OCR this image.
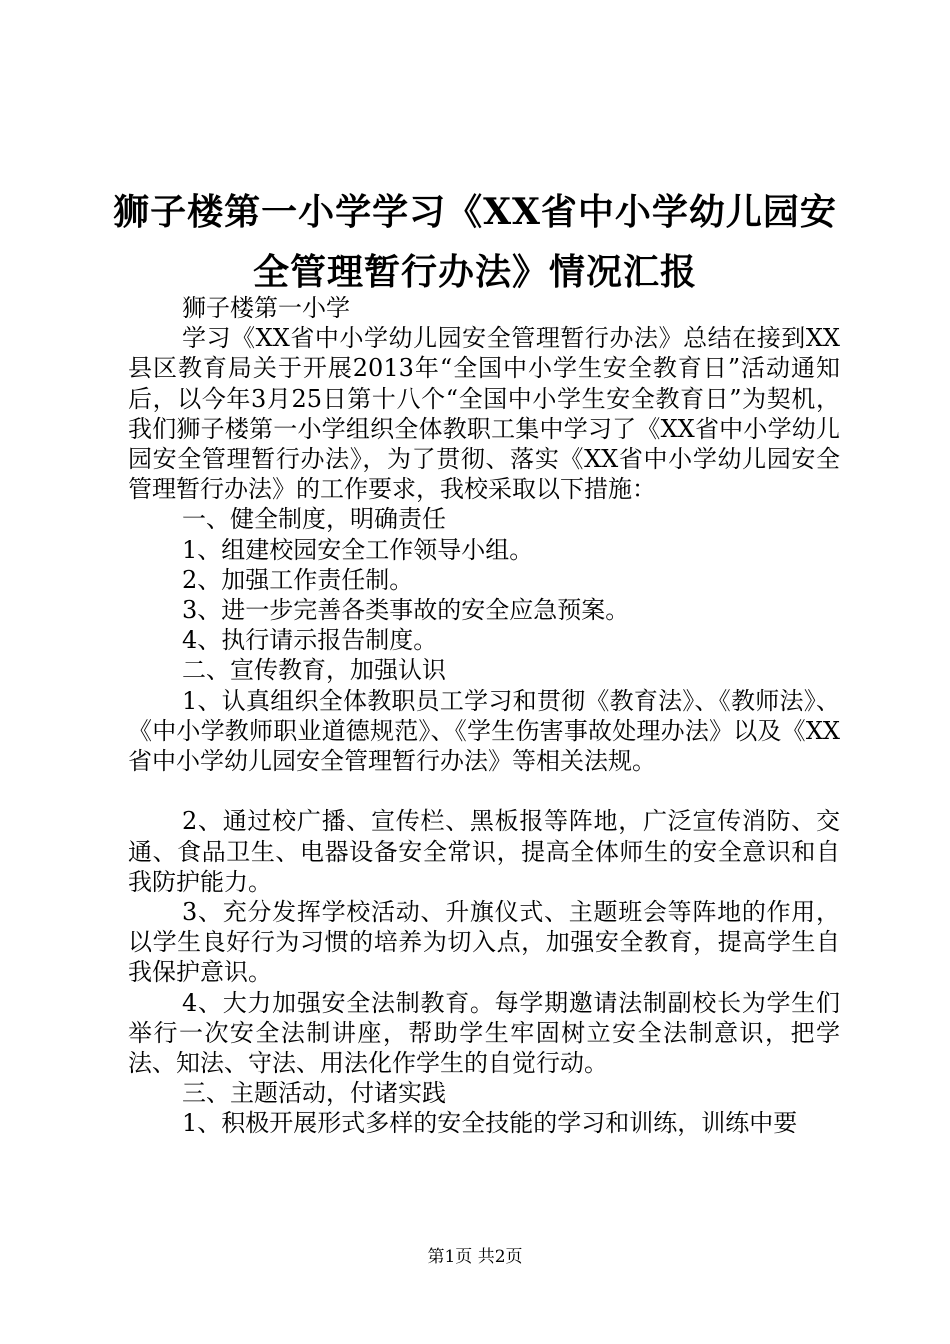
狮子楼第一小学学习《XX省中小学幼儿园安
全管理暂行办法》情况汇报

狮子楼第一小学

学习《XX省中小学幼儿园安全管理暂行办法》总结在接到XX县区教育局关于开展2013年“全国中小学生安全教育日”活动通知后，以今年3月25日第十八个“全国中小学生安全教育日”为契机，我们狮子楼第一小学组织全体教职工集中学习了《XX省中小学幼儿园安全管理暂行办法》，为了贯彻、落实《XX省中小学幼儿园安全管理暂行办法》的工作要求，我校采取以下措施：

一、健全制度，明确责任

1、组建校园安全工作领导小组。

2、加强工作责任制。

3、进一步完善各类事故的安全应急预案。

4、执行请示报告制度。

二、宣传教育，加强认识

1、认真组织全体教职员工学习和贯彻《教育法》、《教师法》、《中小学教师职业道德规范》、《学生伤害事故处理办法》以及《XX省中小学幼儿园安全管理暂行办法》等相关法规。

2、通过校广播、宣传栏、黑板报等阵地，广泛宣传消防、交通、食品卫生、电器设备安全常识，提高全体师生的安全意识和自我防护能力。

3、充分发挥学校活动、升旗仪式、主题班会等阵地的作用，以学生良好行为习惯的培养为切入点，加强安全教育，提高学生自我保护意识。

4、大力加强安全法制教育。每学期邀请法制副校长为学生们举行一次安全法制讲座，帮助学生牢固树立安全法制意识，把学法、知法、守法、用法化作学生的自觉行动。

三、主题活动，付诸实践

1、积极开展形式多样的安全技能的学习和训练，训练中要

第1页 共2页
